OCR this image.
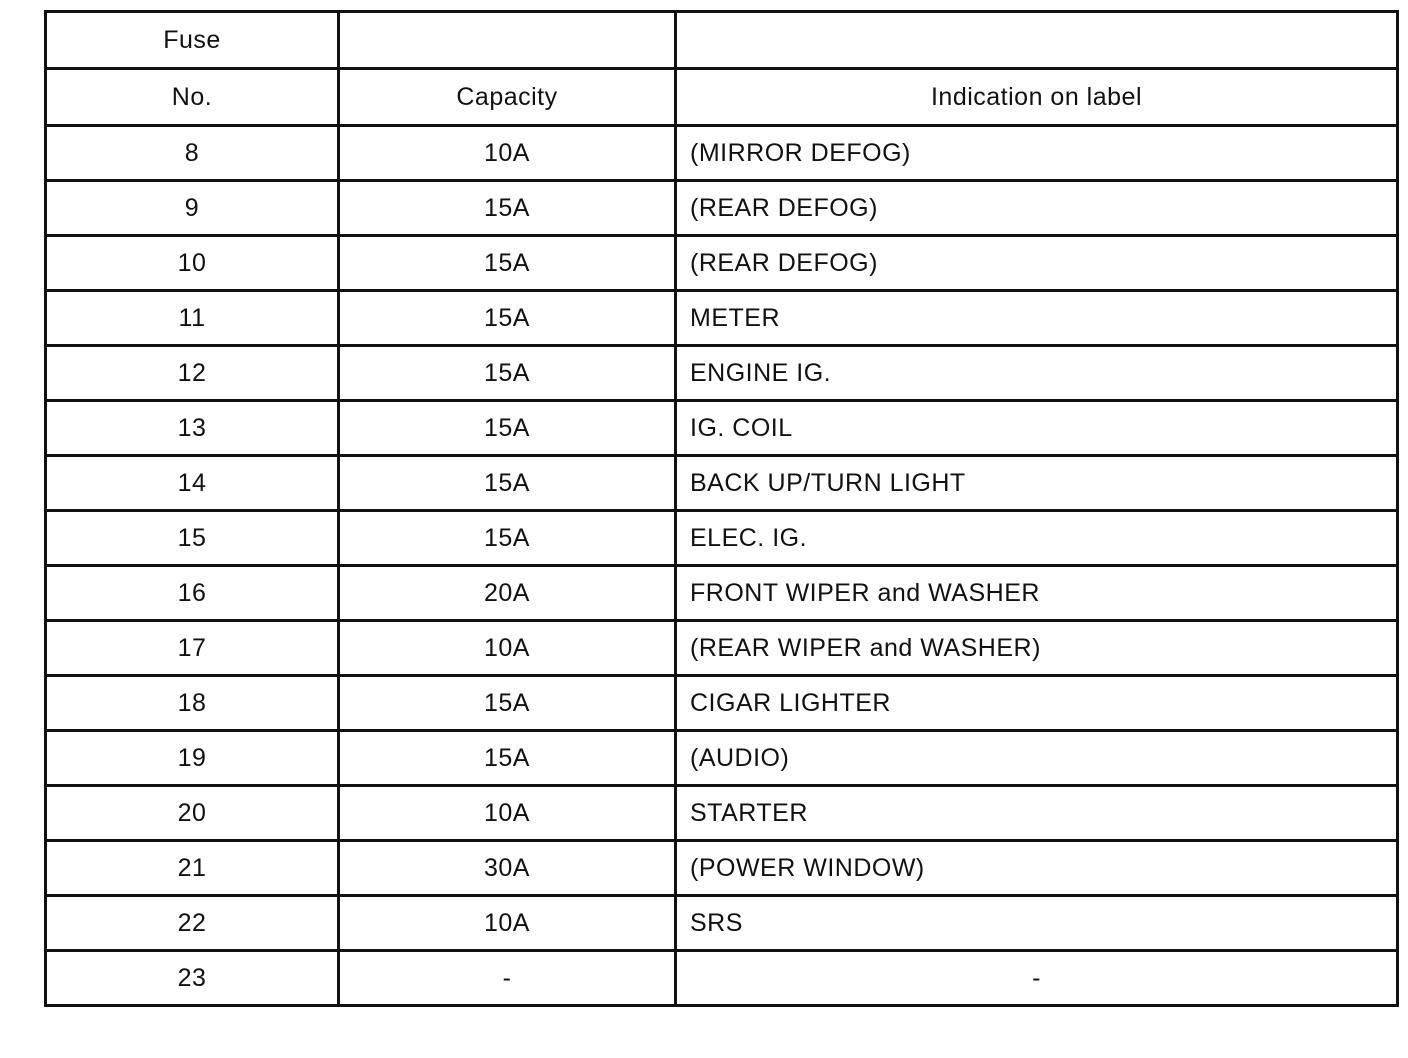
Fuse		
No.	Capacity	Indication on label
8	10A	(MIRROR DEFOG)
9	15A	(REAR DEFOG)
10	15A	(REAR DEFOG)
11	15A	METER
12	15A	ENGINE IG.
13	15A	IG. COIL
14	15A	BACK UP/TURN LIGHT
15	15A	ELEC. IG.
16	20A	FRONT WIPER and WASHER
17	10A	(REAR WIPER and WASHER)
18	15A	CIGAR LIGHTER
19	15A	(AUDIO)
20	10A	STARTER
21	30A	(POWER WINDOW)
22	10A	SRS
23	-	-
